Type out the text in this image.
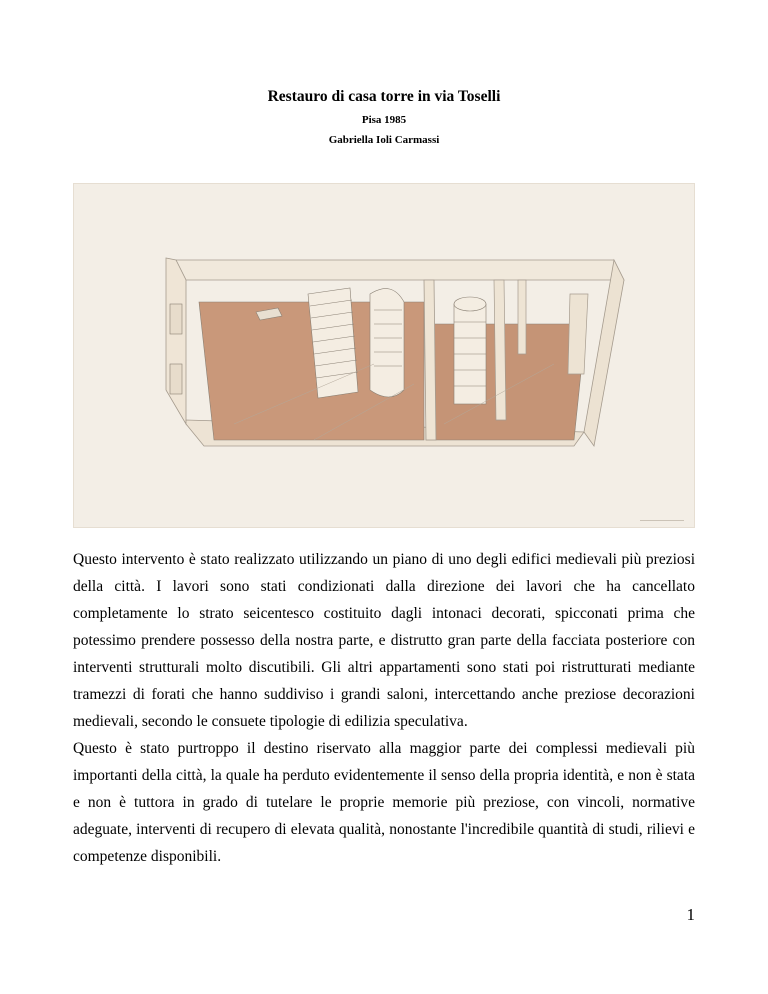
Restauro di casa torre in via Toselli
Pisa 1985
Gabriella Ioli Carmassi

Questo intervento è stato realizzato utilizzando un piano di uno degli edifici medievali più preziosi della città. I lavori sono stati condizionati dalla direzione dei lavori che ha cancellato completamente lo strato seicentesco costituito dagli intonaci decorati, spicconati prima che potessimo prendere possesso della nostra parte, e distrutto gran parte della facciata posteriore con interventi strutturali molto discutibili. Gli altri appartamenti sono stati poi ristrutturati mediante tramezzi di forati che hanno suddiviso i grandi saloni, intercettando anche preziose decorazioni medievali, secondo le consuete tipologie di edilizia speculativa.

Questo è stato purtroppo il destino riservato alla maggior parte dei complessi medievali più importanti della città, la quale ha perduto evidentemente il senso della propria identità, e non è stata e non è tuttora in grado di tutelare le proprie memorie più preziose, con vincoli, normative adeguate, interventi di recupero di elevata qualità, nonostante l'incredibile quantità di studi, rilievi e competenze disponibili.

1
